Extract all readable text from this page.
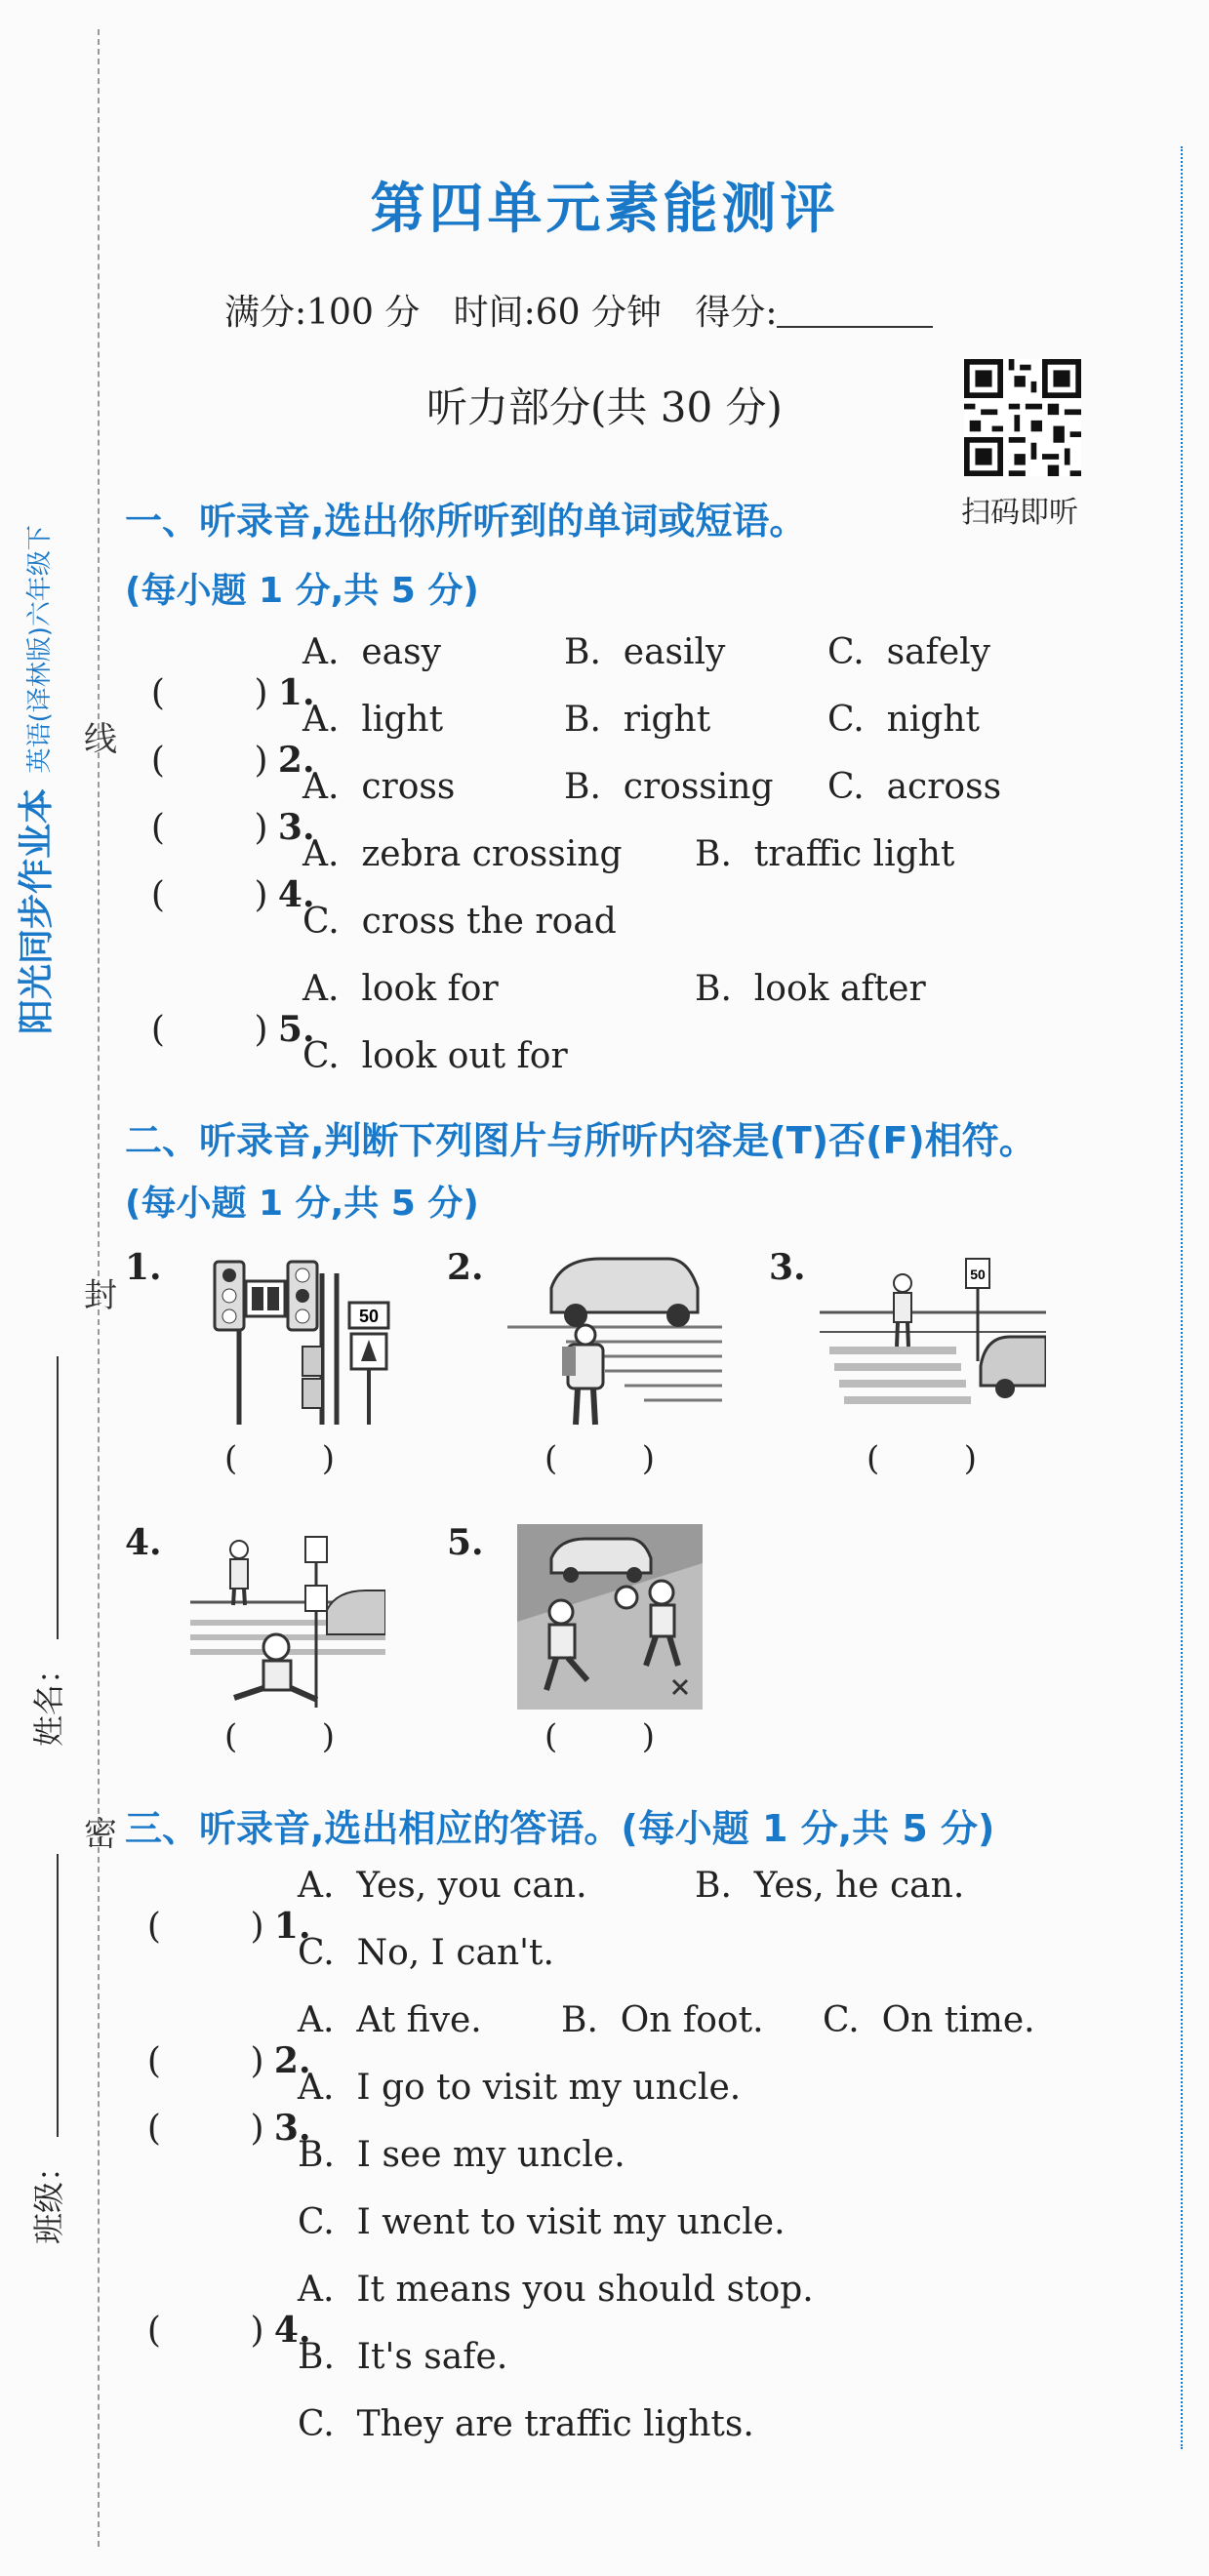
阳光同步作业本 英语(译林版)六年级下 线
封
密
姓名：
班级：
第四单元素能测评
满分:100 分   时间:60 分钟   得分:
听力部分(共 30 分)
扫码即听
一、听录音,选出你所听到的单词或短语。
(每小题 1 分,共 5 分)

(        ) 1.

A.  easy	B.  easily	C.  safely

(        ) 2.

A.  light	B.  right	C.  night

(        ) 3.

A.  cross	B.  crossing C.  across

(        ) 4.

A.  zebra crossing B.  traffic light
C.  cross the road

(        ) 5.

A.  look for	B.  look after
C.  look out for
二、听录音,判断下列图片与所听内容是(T)否(F)相符。
(每小题 1 分,共 5 分)
1.
50
(        )
2.
(        )
3.	50
(        )
4.
(        )
5.
(        )
三、听录音,选出相应的答语。(每小题 1 分,共 5 分)

(        ) 1.

A.  Yes, you can.	B.  Yes, he can.
C.  No, I can't.

(        ) 2.

A.  At five. B.  On foot. C.  On time.

(        ) 3.

A.  I go to visit my uncle.
B.  I see my uncle.
C.  I went to visit my uncle.

(        ) 4.

A.  It means you should stop.
B.  It's safe.
C.  They are traffic lights.
